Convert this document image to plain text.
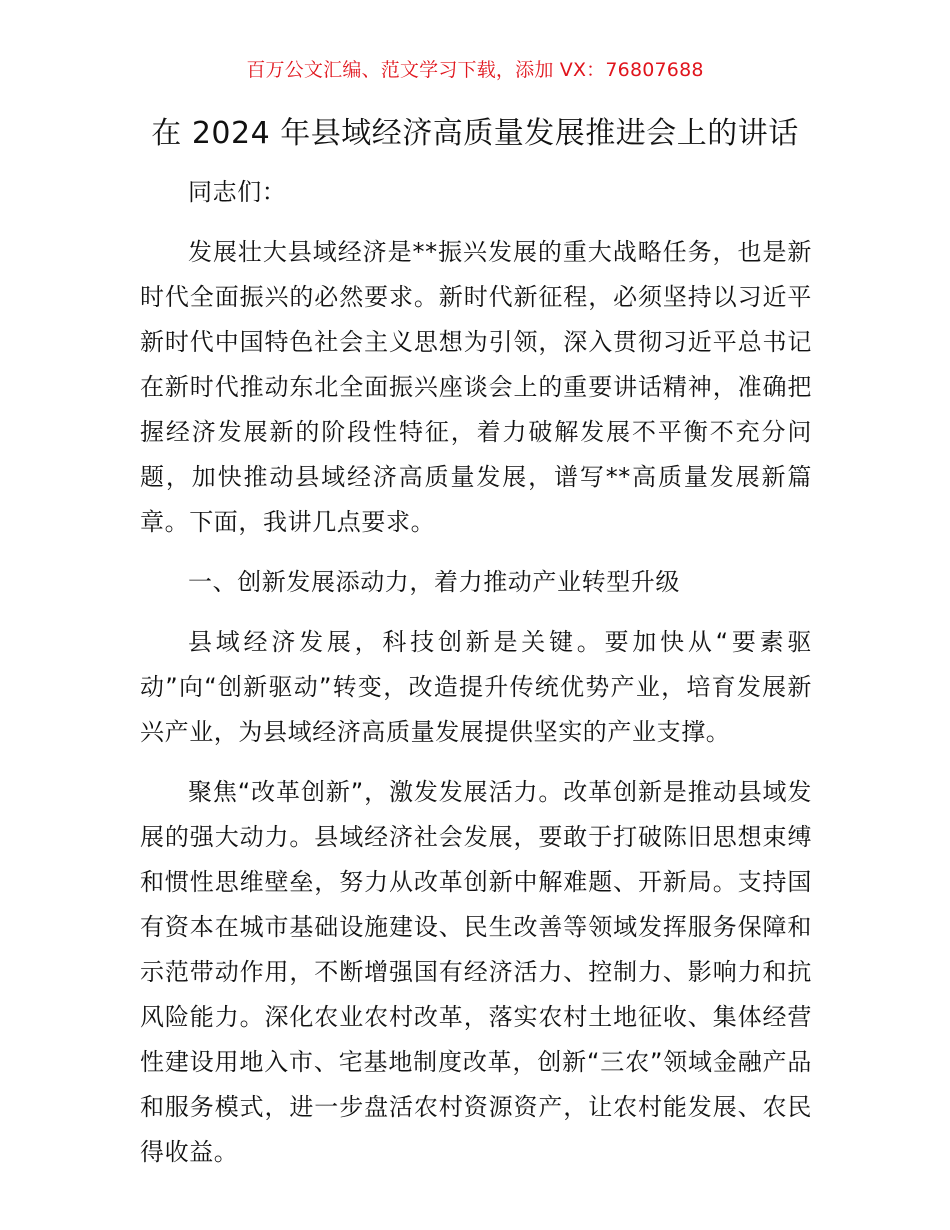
百万公文汇编、范文学习下载，添加 VX：76807688
在 2024 年县域经济高质量发展推进会上的讲话

同志们：

发展壮大县域经济是**振兴发展的重大战略任务，也是新时代全面振兴的必然要求。新时代新征程，必须坚持以习近平新时代中国特色社会主义思想为引领，深入贯彻习近平总书记在新时代推动东北全面振兴座谈会上的重要讲话精神，准确把握经济发展新的阶段性特征，着力破解发展不平衡不充分问题，加快推动县域经济高质量发展，谱写**高质量发展新篇章。下面，我讲几点要求。

一、创新发展添动力，着力推动产业转型升级

县域经济发展，科技创新是关键。要加快从“要素驱动”向“创新驱动”转变，改造提升传统优势产业，培育发展新兴产业，为县域经济高质量发展提供坚实的产业支撑。

聚焦“改革创新”，激发发展活力。改革创新是推动县域发展的强大动力。县域经济社会发展，要敢于打破陈旧思想束缚和惯性思维壁垒，努力从改革创新中解难题、开新局。支持国有资本在城市基础设施建设、民生改善等领域发挥服务保障和示范带动作用，不断增强国有经济活力、控制力、影响力和抗风险能力。深化农业农村改革，落实农村土地征收、集体经营性建设用地入市、宅基地制度改革，创新“三农”领域金融产品和服务模式，进一步盘活农村资源资产，让农村能发展、农民得收益。
